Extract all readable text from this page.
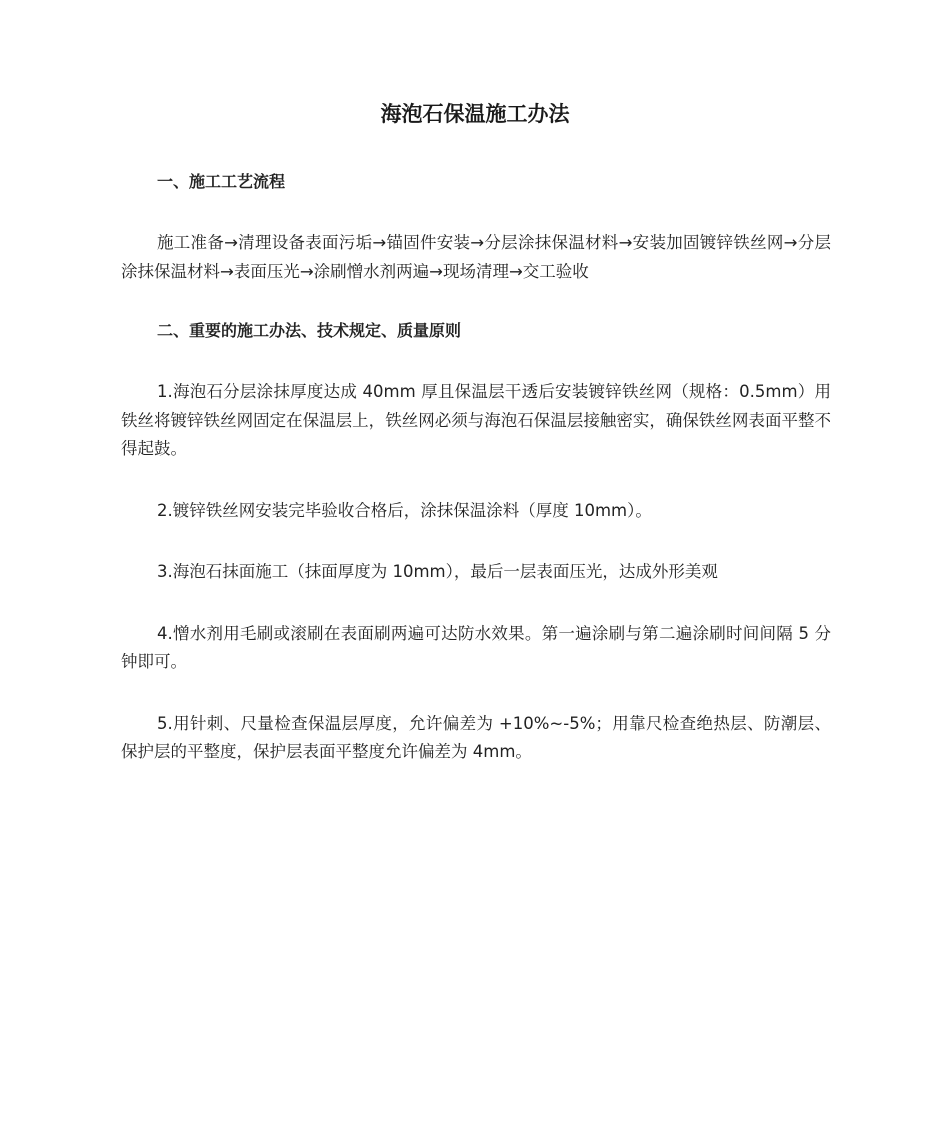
海泡石保温施工办法

一、施工工艺流程

施工准备→清理设备表面污垢→锚固件安装→分层涂抹保温材料→安装加固镀锌铁丝网→分层涂抹保温材料→表面压光→涂刷憎水剂两遍→现场清理→交工验收

二、重要的施工办法、技术规定、质量原则

1.海泡石分层涂抹厚度达成 40mm 厚且保温层干透后安装镀锌铁丝网（规格：0.5mm）用铁丝将镀锌铁丝网固定在保温层上，铁丝网必须与海泡石保温层接触密实，确保铁丝网表面平整不得起鼓。

2.镀锌铁丝网安装完毕验收合格后，涂抹保温涂料（厚度 10mm）。

3.海泡石抹面施工（抹面厚度为 10mm），最后一层表面压光，达成外形美观

4.憎水剂用毛刷或滚刷在表面刷两遍可达防水效果。第一遍涂刷与第二遍涂刷时间间隔 5 分钟即可。

5.用针刺、尺量检查保温层厚度，允许偏差为 +10%~-5%；用靠尺检查绝热层、防潮层、保护层的平整度，保护层表面平整度允许偏差为 4mm。
